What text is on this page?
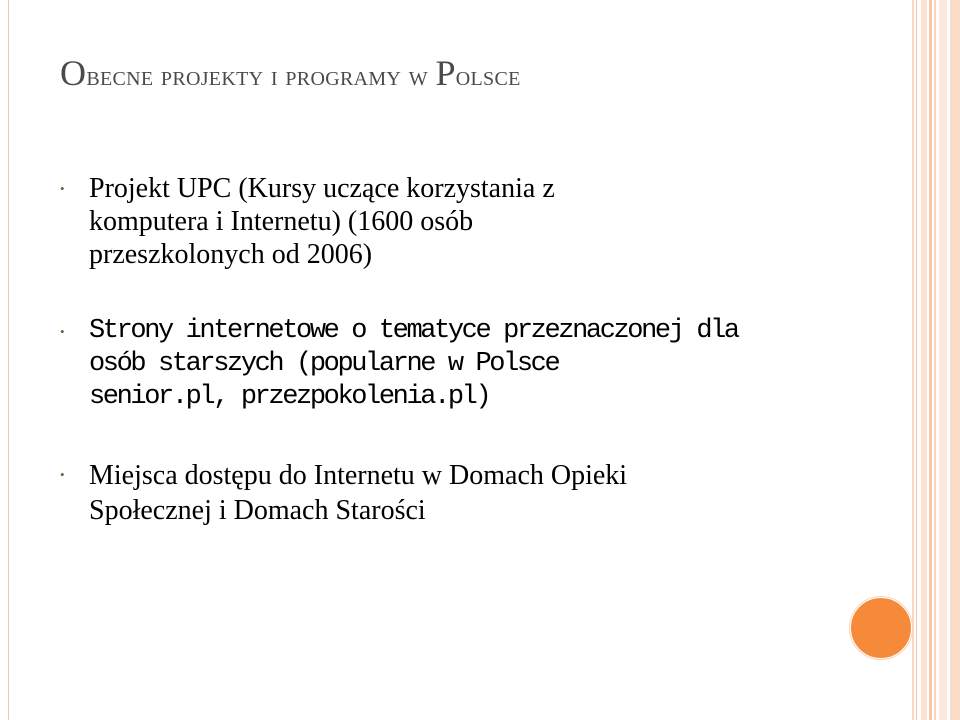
Obecne projekty i programy w Polsce
• Projekt UPC (Kursy uczące korzystania z
komputera i Internetu) (1600 osób
przeszkolonych od 2006)
• Strony internetowe o tematyce przeznaczonej dla
osób starszych (popularne w Polsce
senior.pl, przezpokolenia.pl)
• Miejsca dostępu do Internetu w Domach Opieki
Społecznej i Domach Starości
